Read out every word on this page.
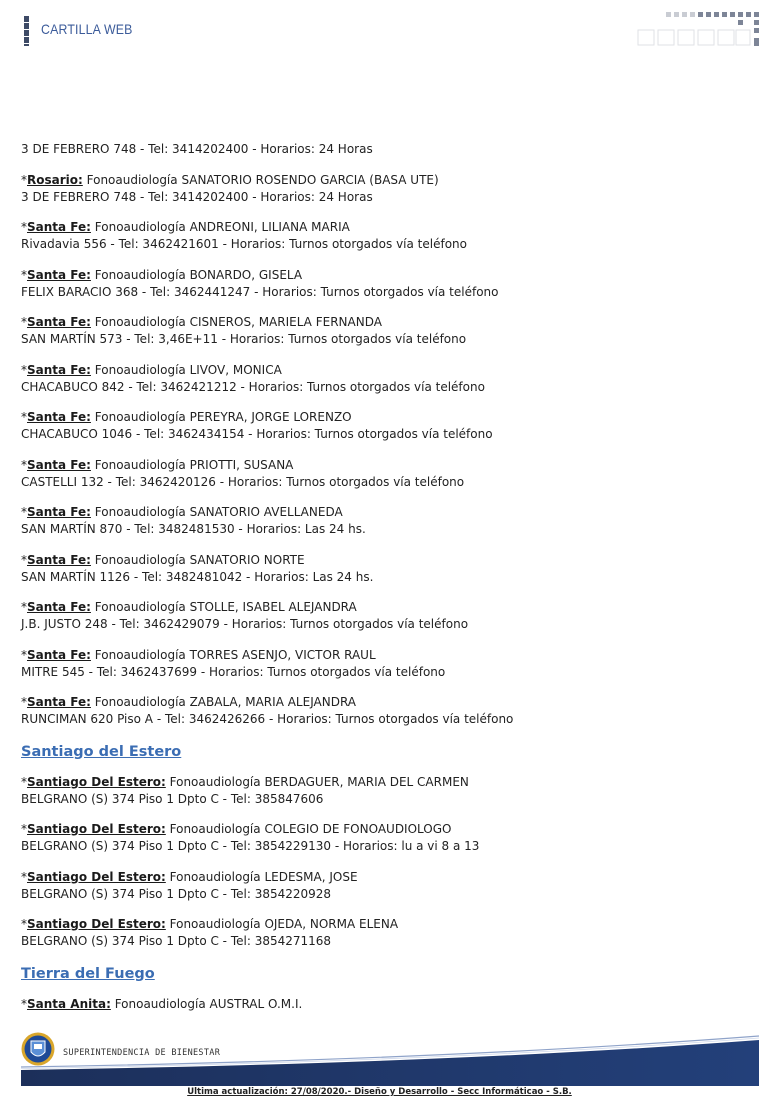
CARTILLA WEB
3 DE FEBRERO 748 - Tel: 3414202400 - Horarios: 24 Horas
*Rosario: Fonoaudiología SANATORIO ROSENDO GARCIA (BASA UTE)
3 DE FEBRERO 748 - Tel: 3414202400 - Horarios: 24 Horas
*Santa Fe: Fonoaudiología ANDREONI, LILIANA MARIA
Rivadavia 556 - Tel: 3462421601 - Horarios: Turnos otorgados vía teléfono
*Santa Fe: Fonoaudiología BONARDO, GISELA
FELIX BARACIO 368 - Tel: 3462441247 - Horarios: Turnos otorgados vía teléfono
*Santa Fe: Fonoaudiología CISNEROS, MARIELA FERNANDA
SAN MARTÍN 573 - Tel: 3,46E+11 - Horarios: Turnos otorgados vía teléfono
*Santa Fe: Fonoaudiología LIVOV, MONICA
CHACABUCO 842 - Tel: 3462421212 - Horarios: Turnos otorgados vía teléfono
*Santa Fe: Fonoaudiología PEREYRA, JORGE LORENZO
CHACABUCO 1046 - Tel: 3462434154 - Horarios: Turnos otorgados vía teléfono
*Santa Fe: Fonoaudiología PRIOTTI, SUSANA
CASTELLI 132 - Tel: 3462420126 - Horarios: Turnos otorgados vía teléfono
*Santa Fe: Fonoaudiología SANATORIO AVELLANEDA
SAN MARTÍN 870 - Tel: 3482481530 - Horarios: Las 24 hs.
*Santa Fe: Fonoaudiología SANATORIO NORTE
SAN MARTÍN 1126 - Tel: 3482481042 - Horarios: Las 24 hs.
*Santa Fe: Fonoaudiología STOLLE, ISABEL ALEJANDRA
J.B. JUSTO 248 - Tel: 3462429079 - Horarios: Turnos otorgados vía teléfono
*Santa Fe: Fonoaudiología TORRES ASENJO, VICTOR RAUL
MITRE 545 - Tel: 3462437699 - Horarios: Turnos otorgados vía teléfono
*Santa Fe: Fonoaudiología ZABALA, MARIA ALEJANDRA
RUNCIMAN 620 Piso A - Tel: 3462426266 - Horarios: Turnos otorgados vía teléfono
Santiago del Estero
*Santiago Del Estero: Fonoaudiología BERDAGUER, MARIA DEL CARMEN
BELGRANO (S) 374 Piso 1 Dpto C - Tel: 385847606
*Santiago Del Estero: Fonoaudiología COLEGIO DE FONOAUDIOLOGO
BELGRANO (S) 374 Piso 1 Dpto C - Tel: 3854229130 - Horarios: lu a vi 8 a 13
*Santiago Del Estero: Fonoaudiología LEDESMA, JOSE
BELGRANO (S) 374 Piso 1 Dpto C - Tel: 3854220928
*Santiago Del Estero: Fonoaudiología OJEDA, NORMA ELENA
BELGRANO (S) 374 Piso 1 Dpto C - Tel: 3854271168
Tierra del Fuego
*Santa Anita: Fonoaudiología AUSTRAL O.M.I.
SUPERINTENDENCIA DE BIENESTAR
Ultima actualización: 27/08/2020.- Diseño y Desarrollo - Secc Informáticao - S.B.
